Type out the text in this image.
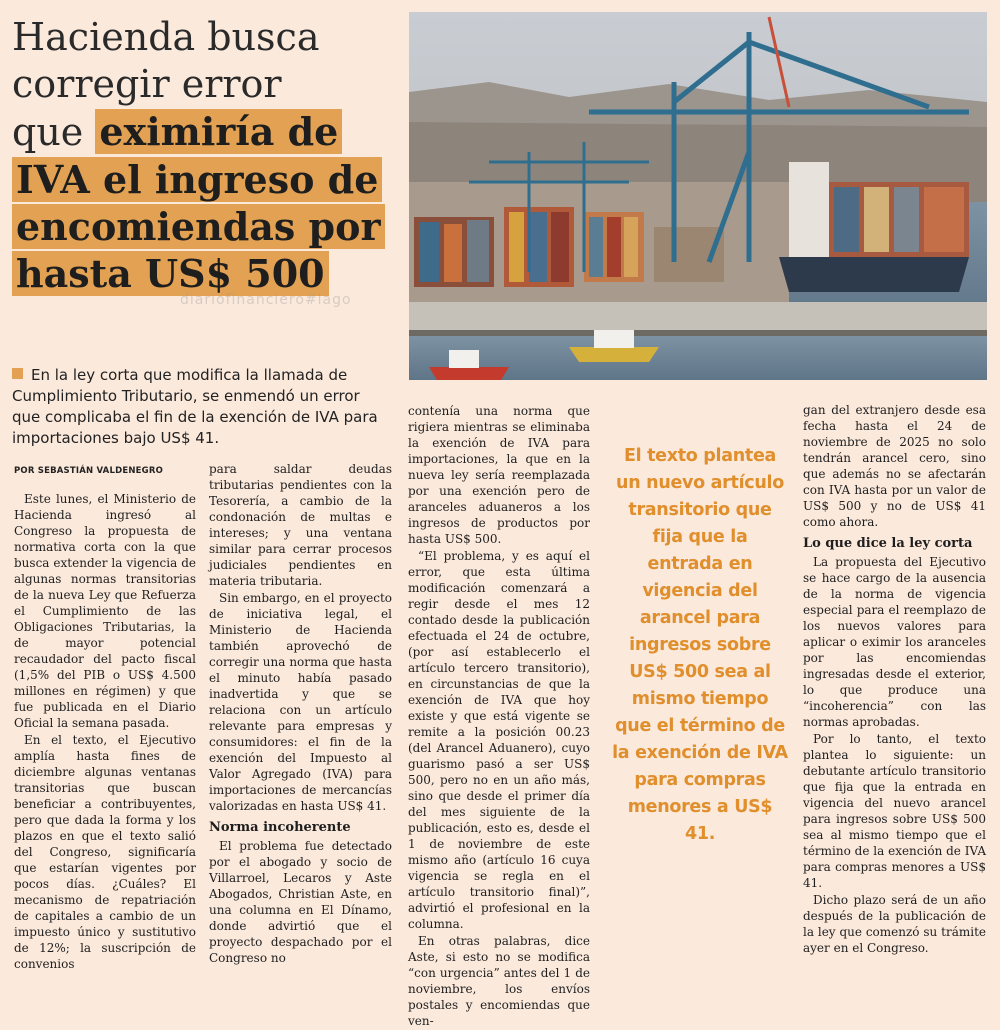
Hacienda busca
corregir error
que eximiría de
IVA el ingreso de
encomiendas por
hasta US$ 500
diariofinanciero#lago

En la ley corta que modifica la llamada de Cumplimiento Tributario, se enmendó un error que complicaba el fin de la exención de IVA para importaciones bajo US$ 41.

POR SEBASTIÁN VALDENEGRO

Este lunes, el Ministerio de Hacienda ingresó al Congreso la propuesta de normativa corta con la que busca extender la vigencia de algunas normas transitorias de la nueva Ley que Refuerza el Cumplimiento de las Obligaciones Tributarias, la de mayor potencial recaudador del pacto fiscal (1,5% del PIB o US$ 4.500 millones en régimen) y que fue publicada en el Diario Oficial la semana pasada.

En el texto, el Ejecutivo amplía hasta fines de diciembre algunas ventanas transitorias que buscan beneficiar a contribuyentes, pero que dada la forma y los plazos en que el texto salió del Congreso, significaría que estarían vigentes por pocos días. ¿Cuáles? El mecanismo de repatriación de capitales a cambio de un impuesto único y sustitutivo de 12%; la suscripción de convenios

para saldar deudas tributarias pendientes con la Tesorería, a cambio de la condonación de multas e intereses; y una ventana similar para cerrar procesos judiciales pendientes en materia tributaria.

Sin embargo, en el proyecto de iniciativa legal, el Ministerio de Hacienda también aprovechó de corregir una norma que hasta el minuto había pasado inadvertida y que se relaciona con un artículo relevante para empresas y consumidores: el fin de la exención del Impuesto al Valor Agregado (IVA) para importaciones de mercancías valorizadas en hasta US$ 41.

Norma incoherente

El problema fue detectado por el abogado y socio de Villarroel, Lecaros y Aste Abogados, Christian Aste, en una columna en El Dínamo, donde advirtió que el proyecto despachado por el Congreso no

contenía una norma que rigiera mientras se eliminaba la exención de IVA para importaciones, la que en la nueva ley sería reemplazada por una exención pero de aranceles aduaneros a los ingresos de productos por hasta US$ 500.

“El problema, y es aquí el error, que esta última modificación comenzará a regir desde el mes 12 contado desde la publicación efectuada el 24 de octubre, (por así establecerlo el artículo tercero transitorio), en circunstancias de que la exención de IVA que hoy existe y que está vigente se remite a la posición 00.23 (del Arancel Aduanero), cuyo guarismo pasó a ser US$ 500, pero no en un año más, sino que desde el primer día del mes siguiente de la publicación, esto es, desde el 1 de noviembre de este mismo año (artículo 16 cuya vigencia se regla en el artículo transitorio final)”, advirtió el profesional en la columna.

En otras palabras, dice Aste, si esto no se modifica “con urgencia” antes del 1 de noviembre, los envíos postales y encomiendas que ven-

El texto plantea un nuevo artículo transitorio que fija que la entrada en vigencia del arancel para ingresos sobre US$ 500 sea al mismo tiempo que el término de la exención de IVA para compras menores a US$ 41.

gan del extranjero desde esa fecha hasta el 24 de noviembre de 2025 no solo tendrán arancel cero, sino que además no se afectarán con IVA hasta por un valor de US$ 500 y no de US$ 41 como ahora.

Lo que dice la ley corta

La propuesta del Ejecutivo se hace cargo de la ausencia de la norma de vigencia especial para el reemplazo de los nuevos valores para aplicar o eximir los aranceles por las encomiendas ingresadas desde el exterior, lo que produce una “incoherencia” con las normas aprobadas.

Por lo tanto, el texto plantea lo siguiente: un debutante artículo transitorio que fija que la entrada en vigencia del nuevo arancel para ingresos sobre US$ 500 sea al mismo tiempo que el término de la exención de IVA para compras menores a US$ 41.

Dicho plazo será de un año después de la publicación de la ley que comenzó su trámite ayer en el Congreso.
